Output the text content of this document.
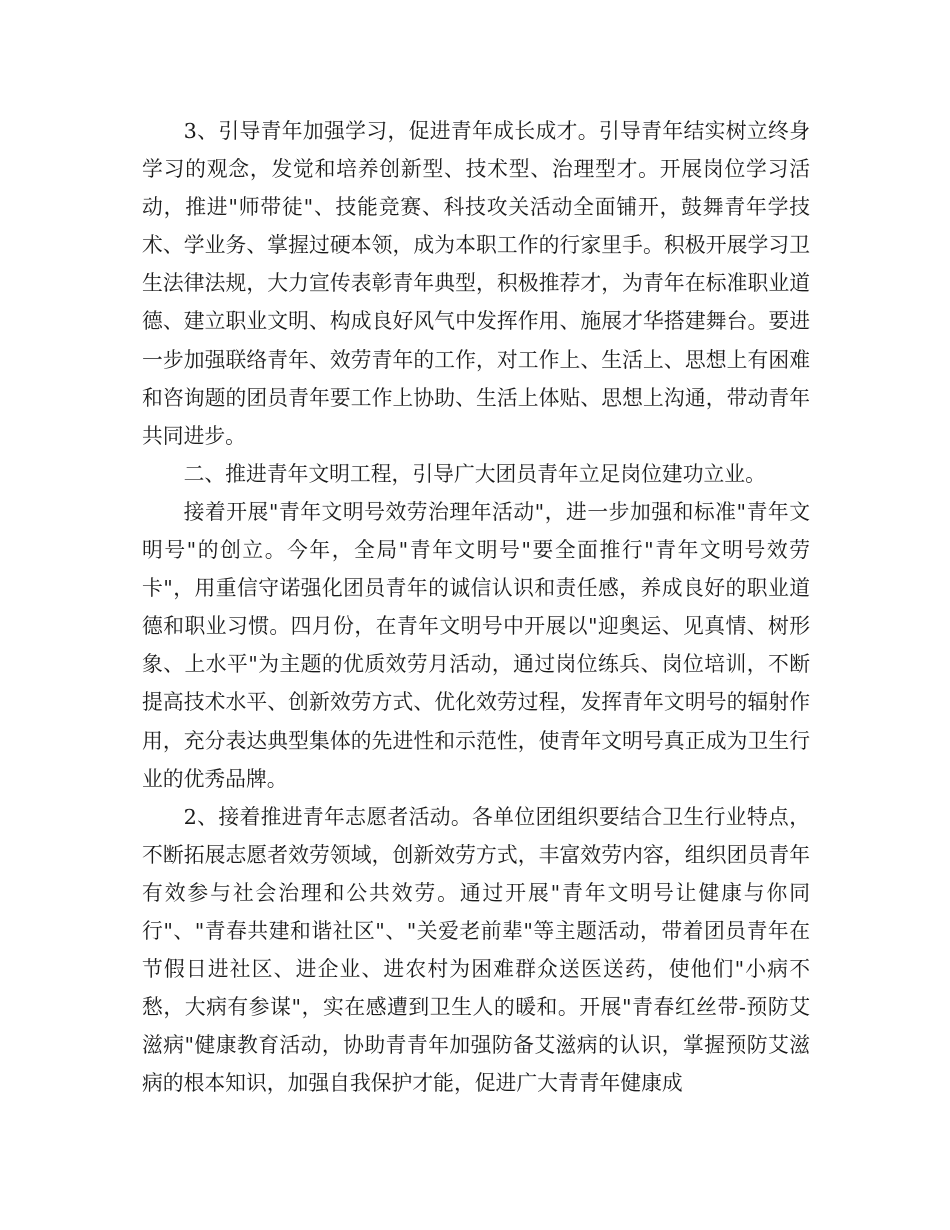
3、引导青年加强学习，促进青年成长成才。引导青年结实树立终身学习的观念，发觉和培养创新型、技术型、治理型才。开展岗位学习活动，推进"师带徒"、技能竞赛、科技攻关活动全面铺开，鼓舞青年学技术、学业务、掌握过硬本领，成为本职工作的行家里手。积极开展学习卫生法律法规，大力宣传表彰青年典型，积极推荐才，为青年在标准职业道德、建立职业文明、构成良好风气中发挥作用、施展才华搭建舞台。要进一步加强联络青年、效劳青年的工作，对工作上、生活上、思想上有困难和咨询题的团员青年要工作上协助、生活上体贴、思想上沟通，带动青年共同进步。

二、推进青年文明工程，引导广大团员青年立足岗位建功立业。

接着开展"青年文明号效劳治理年活动"，进一步加强和标准"青年文明号"的创立。今年，全局"青年文明号"要全面推行"青年文明号效劳卡"，用重信守诺强化团员青年的诚信认识和责任感，养成良好的职业道德和职业习惯。四月份，在青年文明号中开展以"迎奥运、见真情、树形象、上水平"为主题的优质效劳月活动，通过岗位练兵、岗位培训，不断提高技术水平、创新效劳方式、优化效劳过程，发挥青年文明号的辐射作用，充分表达典型集体的先进性和示范性，使青年文明号真正成为卫生行业的优秀品牌。

2、接着推进青年志愿者活动。各单位团组织要结合卫生行业特点，不断拓展志愿者效劳领域，创新效劳方式，丰富效劳内容，组织团员青年有效参与社会治理和公共效劳。通过开展"青年文明号让健康与你同行"、"青春共建和谐社区"、"关爱老前辈"等主题活动，带着团员青年在节假日进社区、进企业、进农村为困难群众送医送药，使他们"小病不愁，大病有参谋"，实在感遭到卫生人的暖和。开展"青春红丝带-预防艾滋病"健康教育活动，协助青青年加强防备艾滋病的认识，掌握预防艾滋病的根本知识，加强自我保护才能，促进广大青青年健康成
